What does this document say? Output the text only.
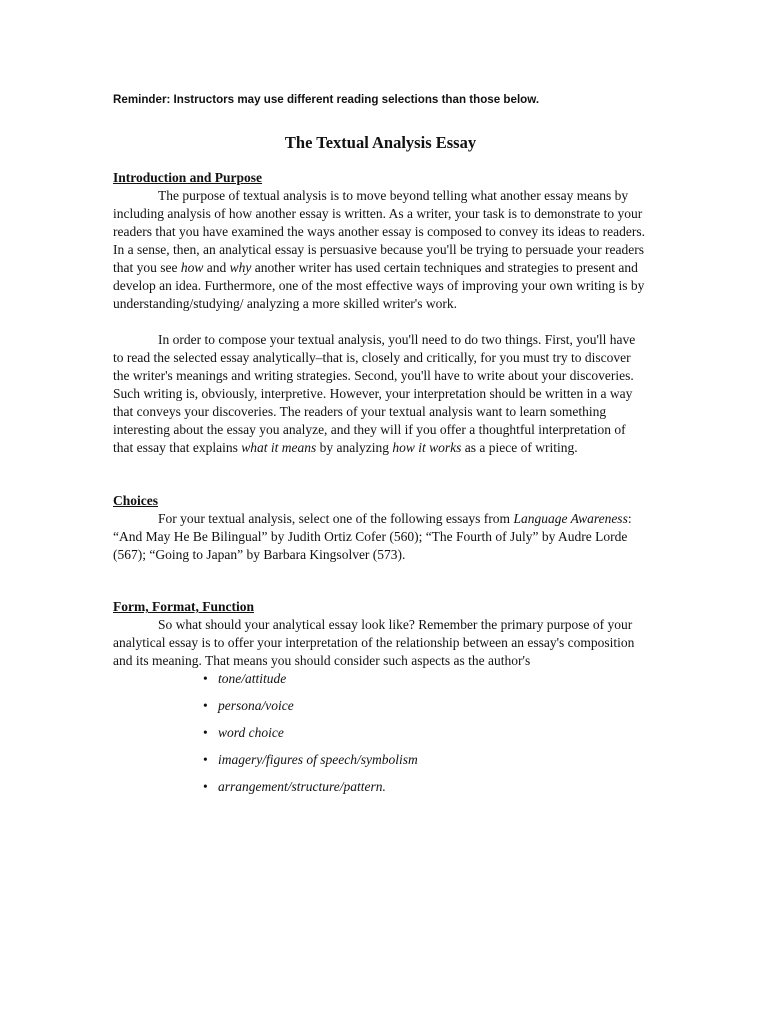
Reminder: Instructors may use different reading selections than those below.

The Textual Analysis Essay

Introduction and Purpose

The purpose of textual analysis is to move beyond telling what another essay means by including analysis of how another essay is written. As a writer, your task is to demonstrate to your readers that you have examined the ways another essay is composed to convey its ideas to readers. In a sense, then, an analytical essay is persuasive because you'll be trying to persuade your readers that you see how and why another writer has used certain techniques and strategies to present and develop an idea. Furthermore, one of the most effective ways of improving your own writing is by understanding/studying/ analyzing a more skilled writer's work.

In order to compose your textual analysis, you'll need to do two things. First, you'll have to read the selected essay analytically–that is, closely and critically, for you must try to discover the writer's meanings and writing strategies. Second, you'll have to write about your discoveries. Such writing is, obviously, interpretive. However, your interpretation should be written in a way that conveys your discoveries. The readers of your textual analysis want to learn something interesting about the essay you analyze, and they will if you offer a thoughtful interpretation of that essay that explains what it means by analyzing how it works as a piece of writing.

Choices

For your textual analysis, select one of the following essays from Language Awareness: “And May He Be Bilingual” by Judith Ortiz Cofer (560); “The Fourth of July” by Audre Lorde (567); “Going to Japan” by Barbara Kingsolver (573).

Form, Format, Function

So what should your analytical essay look like? Remember the primary purpose of your analytical essay is to offer your interpretation of the relationship between an essay's composition and its meaning. That means you should consider such aspects as the author's

• tone/attitude
• persona/voice
• word choice
• imagery/figures of speech/symbolism
• arrangement/structure/pattern.
